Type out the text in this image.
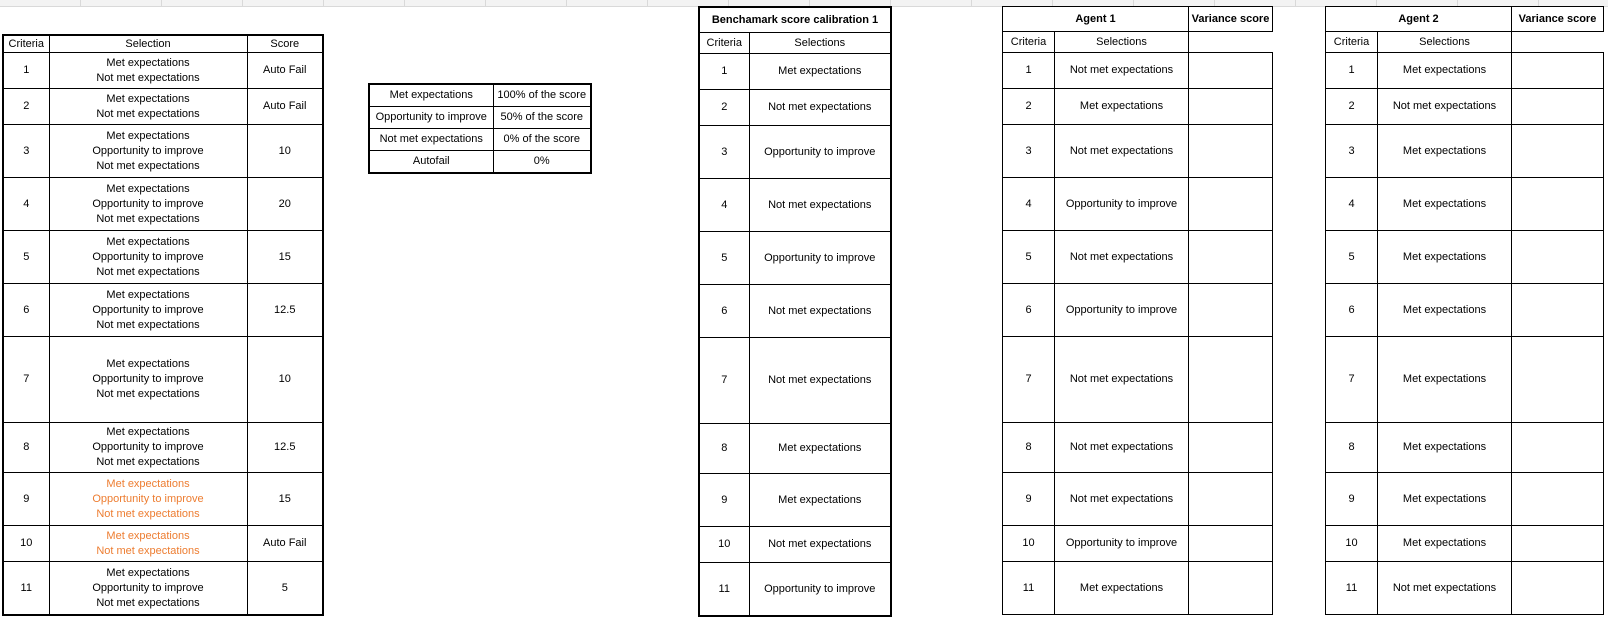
Criteria	Selection	Score
1	Met expectations
Not met expectations	Auto Fail
2	Met expectations
Not met expectations	Auto Fail
3	Met expectations
Opportunity to improve
Not met expectations	10
4	Met expectations
Opportunity to improve
Not met expectations	20
5	Met expectations
Opportunity to improve
Not met expectations	15
6	Met expectations
Opportunity to improve
Not met expectations	12.5
7	Met expectations
Opportunity to improve
Not met expectations	10
8	Met expectations
Opportunity to improve
Not met expectations	12.5
9	Met expectations
Opportunity to improve
Not met expectations	15
10	Met expectations
Not met expectations	Auto Fail
11	Met expectations
Opportunity to improve
Not met expectations	5
Met expectations	100% of the score
Opportunity to improve	50% of the score
Not met expectations	0% of the score
Autofail	0%
Benchamark score calibration 1	
Criteria	Selections
1	Met expectations
2	Not met expectations
3	Opportunity to improve
4	Not met expectations
5	Opportunity to improve
6	Not met expectations
7	Not met expectations
8	Met expectations
9	Met expectations
10	Not met expectations
11	Opportunity to improve
Agent 1		Variance score
Criteria	Selections	
1	Not met expectations	
2	Met expectations	
3	Not met expectations	
4	Opportunity to improve	
5	Not met expectations	
6	Opportunity to improve	
7	Not met expectations	
8	Not met expectations	
9	Not met expectations	
10	Opportunity to improve	
11	Met expectations	
Agent 2		Variance score
Criteria	Selections	
1	Met expectations	
2	Not met expectations	
3	Met expectations	
4	Met expectations	
5	Met expectations	
6	Met expectations	
7	Met expectations	
8	Met expectations	
9	Met expectations	
10	Met expectations	
11	Not met expectations	
